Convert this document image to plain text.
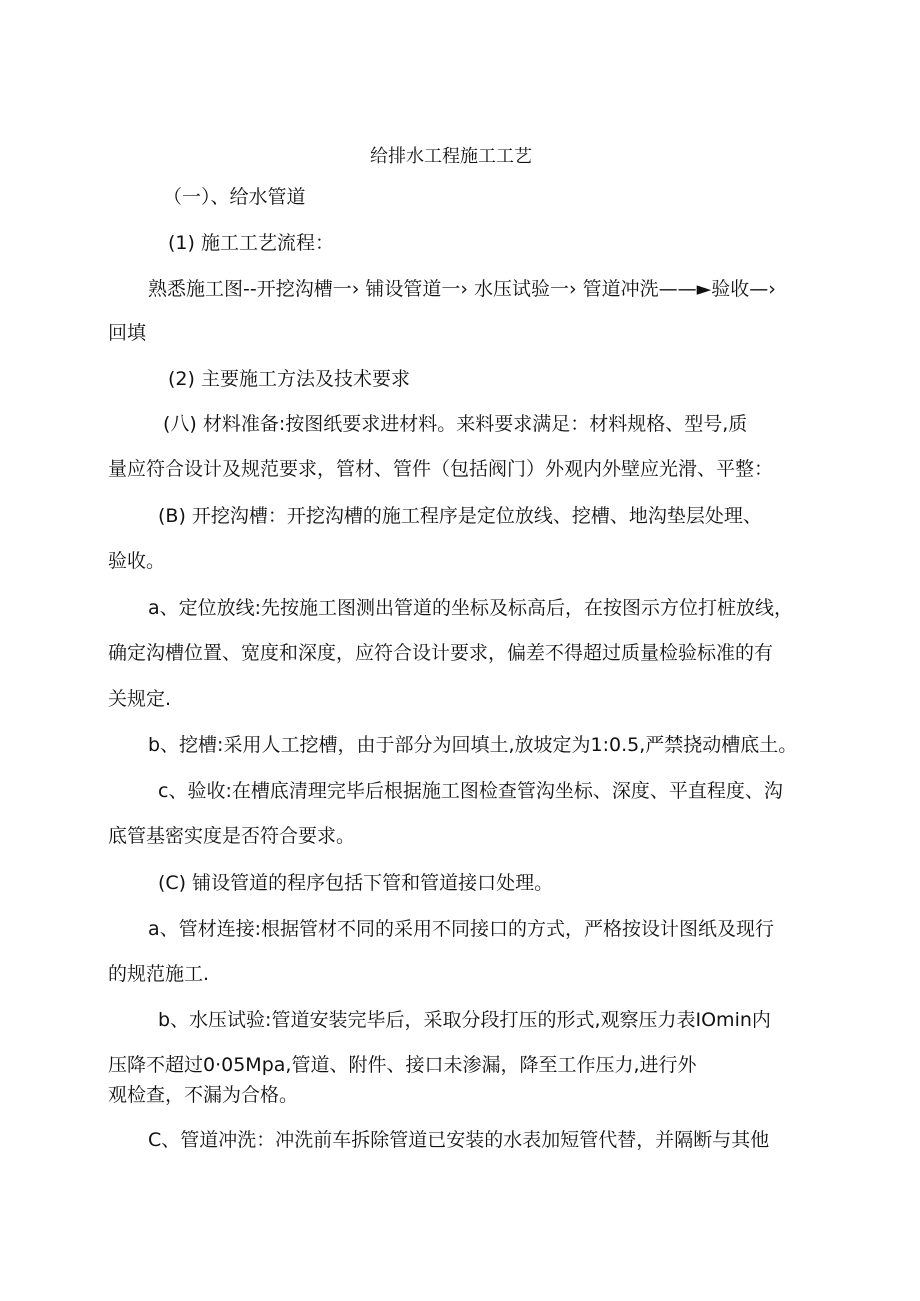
给排水工程施工工艺

（一）、给水管道

(1) 施工工艺流程：

熟悉施工图--开挖沟槽一› 铺设管道一› 水压试验一› 管道冲洗——►验收—›

回填

(2) 主要施工方法及技术要求

(八) 材料准备:按图纸要求进材料。来料要求满足：材料规格、型号,质

量应符合设计及规范要求，管材、管件（包括阀门）外观内外壁应光滑、平整：

(B) 开挖沟槽：开挖沟槽的施工程序是定位放线、挖槽、地沟垫层处理、

验收。

a、定位放线:先按施工图测出管道的坐标及标高后，在按图示方位打桩放线，

确定沟槽位置、宽度和深度，应符合设计要求，偏差不得超过质量检验标准的有

关规定.

b、挖槽:采用人工挖槽，由于部分为回填土,放坡定为1:0.5,严禁挠动槽底土。

c、验收:在槽底清理完毕后根据施工图检查管沟坐标、深度、平直程度、沟

底管基密实度是否符合要求。

(C) 铺设管道的程序包括下管和管道接口处理。

a、管材连接:根据管材不同的采用不同接口的方式，严格按设计图纸及现行

的规范施工.

b、水压试验:管道安装完毕后，采取分段打压的形式,观察压力表IOmin内

压降不超过0·05Mpa,管道、附件、接口未渗漏，降至工作压力,进行外

观检查，不漏为合格。

C、管道冲洗：冲洗前车拆除管道已安装的水表加短管代替，并隔断与其他
